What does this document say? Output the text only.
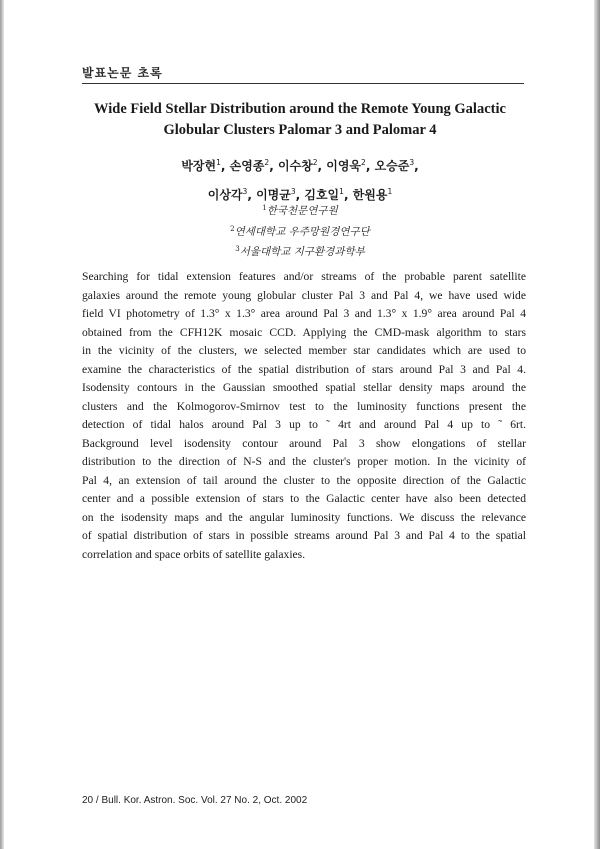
발표논문 초록
Wide Field Stellar Distribution around the Remote Young Galactic
Globular Clusters Palomar 3 and Palomar 4
박장현$^1$, 손영종$^2$, 이수창$^2$, 이영욱$^2$, 오승준$^3$,
이상각$^3$, 이명균$^3$, 김호일$^1$, 한원용$^1$
$^1$한국천문연구원
$^2$연세대학교 우주망원경연구단
$^3$서울대학교 지구환경과학부
Searching for tidal extension features and/or streams of the probable parent satellite
galaxies around the remote young globular cluster Pal 3 and Pal 4, we have used wide
field VI photometry of 1.3° x 1.3° area around Pal 3 and 1.3° x 1.9° area around Pal 4
obtained from the CFH12K mosaic CCD. Applying the CMD-mask algorithm to stars
in the vicinity of the clusters, we selected member star candidates which are used to
examine the characteristics of the spatial distribution of stars around Pal 3 and Pal 4.
Isodensity contours in the Gaussian smoothed spatial stellar density maps around the
clusters and the Kolmogorov-Smirnov test to the luminosity functions present the
detection of tidal halos around Pal 3 up to ˜ 4rt and around Pal 4 up to ˜ 6rt.
Background level isodensity contour around Pal 3 show elongations of stellar
distribution to the direction of N-S and the cluster's proper motion. In the vicinity of
Pal 4, an extension of tail around the cluster to the opposite direction of the Galactic
center and a possible extension of stars to the Galactic center have also been detected
on the isodensity maps and the angular luminosity functions. We discuss the relevance
of spatial distribution of stars in possible streams around Pal 3 and Pal 4 to the spatial
correlation and space orbits of satellite galaxies.
20 / Bull. Kor. Astron. Soc. Vol. 27 No. 2, Oct. 2002
